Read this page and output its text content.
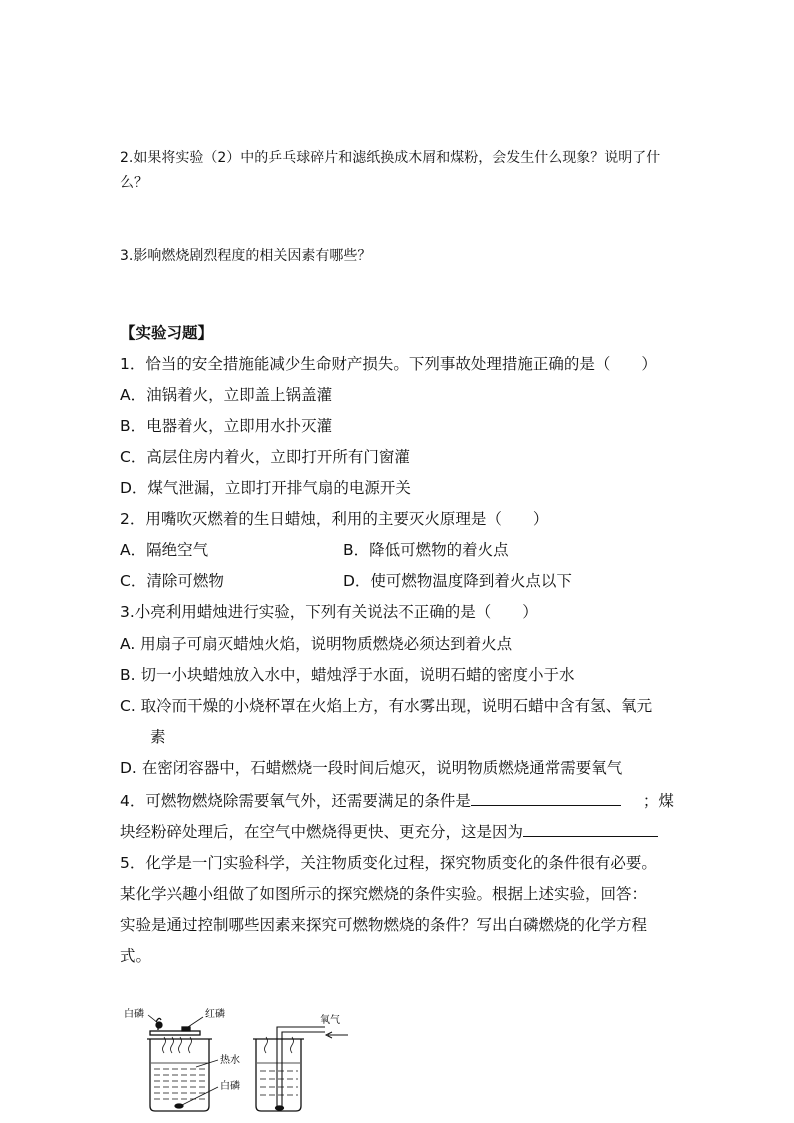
2.如果将实验（2）中的乒乓球碎片和滤纸换成木屑和煤粉，会发生什么现象？说明了什
么？
3.影响燃烧剧烈程度的相关因素有哪些？
【实验习题】
1．恰当的安全措施能减少生命财产损失。下列事故处理措施正确的是（　　）
A．油锅着火，立即盖上锅盖灌
B．电器着火，立即用水扑灭灌
C．高层住房内着火，立即打开所有门窗灌
D．煤气泄漏，立即打开排气扇的电源开关
2．用嘴吹灭燃着的生日蜡烛，利用的主要灭火原理是（　　）
A．隔绝空气	B．降低可燃物的着火点
C．清除可燃物	D．使可燃物温度降到着火点以下
3.小亮利用蜡烛进行实验，下列有关说法不正确的是（　　）
A. 用扇子可扇灭蜡烛火焰，说明物质燃烧必须达到着火点
B. 切一小块蜡烛放入水中，蜡烛浮于水面，说明石蜡的密度小于水
C. 取冷而干燥的小烧杯罩在火焰上方，有水雾出现，说明石蜡中含有氢、氧元
素
D. 在密闭容器中，石蜡燃烧一段时间后熄灭，说明物质燃烧通常需要氧气
4．可燃物燃烧除需要氧气外，还需要满足的条件是	；煤
块经粉碎处理后，在空气中燃烧得更快、更充分，这是因为
5．化学是一门实验科学，关注物质变化过程，探究物质变化的条件很有必要。
某化学兴趣小组做了如图所示的探究燃烧的条件实验。根据上述实验，回答：
实验是通过控制哪些因素来探究可燃物燃烧的条件？写出白磷燃烧的化学方程
式。
白磷	红磷
热水
白磷
氧气
